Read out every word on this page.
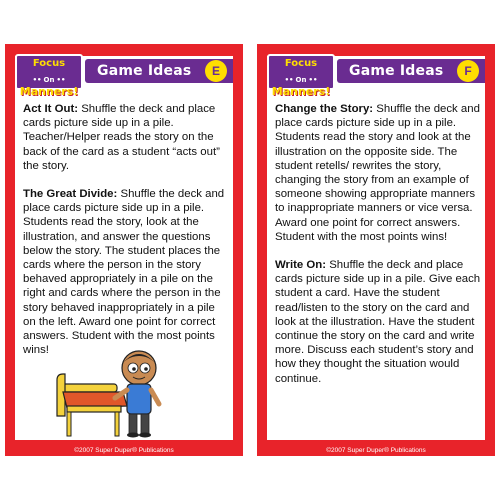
Focus
•• On ••
Manners!
Game Ideas	E

Act It Out: Shuffle the deck and place cards picture side up in a pile. Teacher/Helper reads the story on the back of the card as a student “acts out” the story.

The Great Divide: Shuffle the deck and place cards picture side up in a pile. Students read the story, look at the illustration, and answer the questions below the story. The student places the cards where the person in the story behaved appropriately in a pile on the right and cards where the person in the story behaved inappropriately in a pile on the left. Award one point for correct answers. Student with the most points wins!

©2007 Super Duper® Publications
Focus
•• On ••
Manners!
Game Ideas	F

Change the Story: Shuffle the deck and place cards picture side up in a pile. Students read the story and look at the illustration on the opposite side. The student retells/ rewrites the story, changing the story from an example of someone showing appropriate manners to inappropriate manners or vice versa. Award one point for correct answers. Student with the most points wins!

Write On: Shuffle the deck and place cards picture side up in a pile. Give each student a card. Have the student read/listen to the story on the card and look at the illustration. Have the student continue the story on the card and write more. Discuss each student’s story and how they thought the situation would continue.

©2007 Super Duper® Publications
